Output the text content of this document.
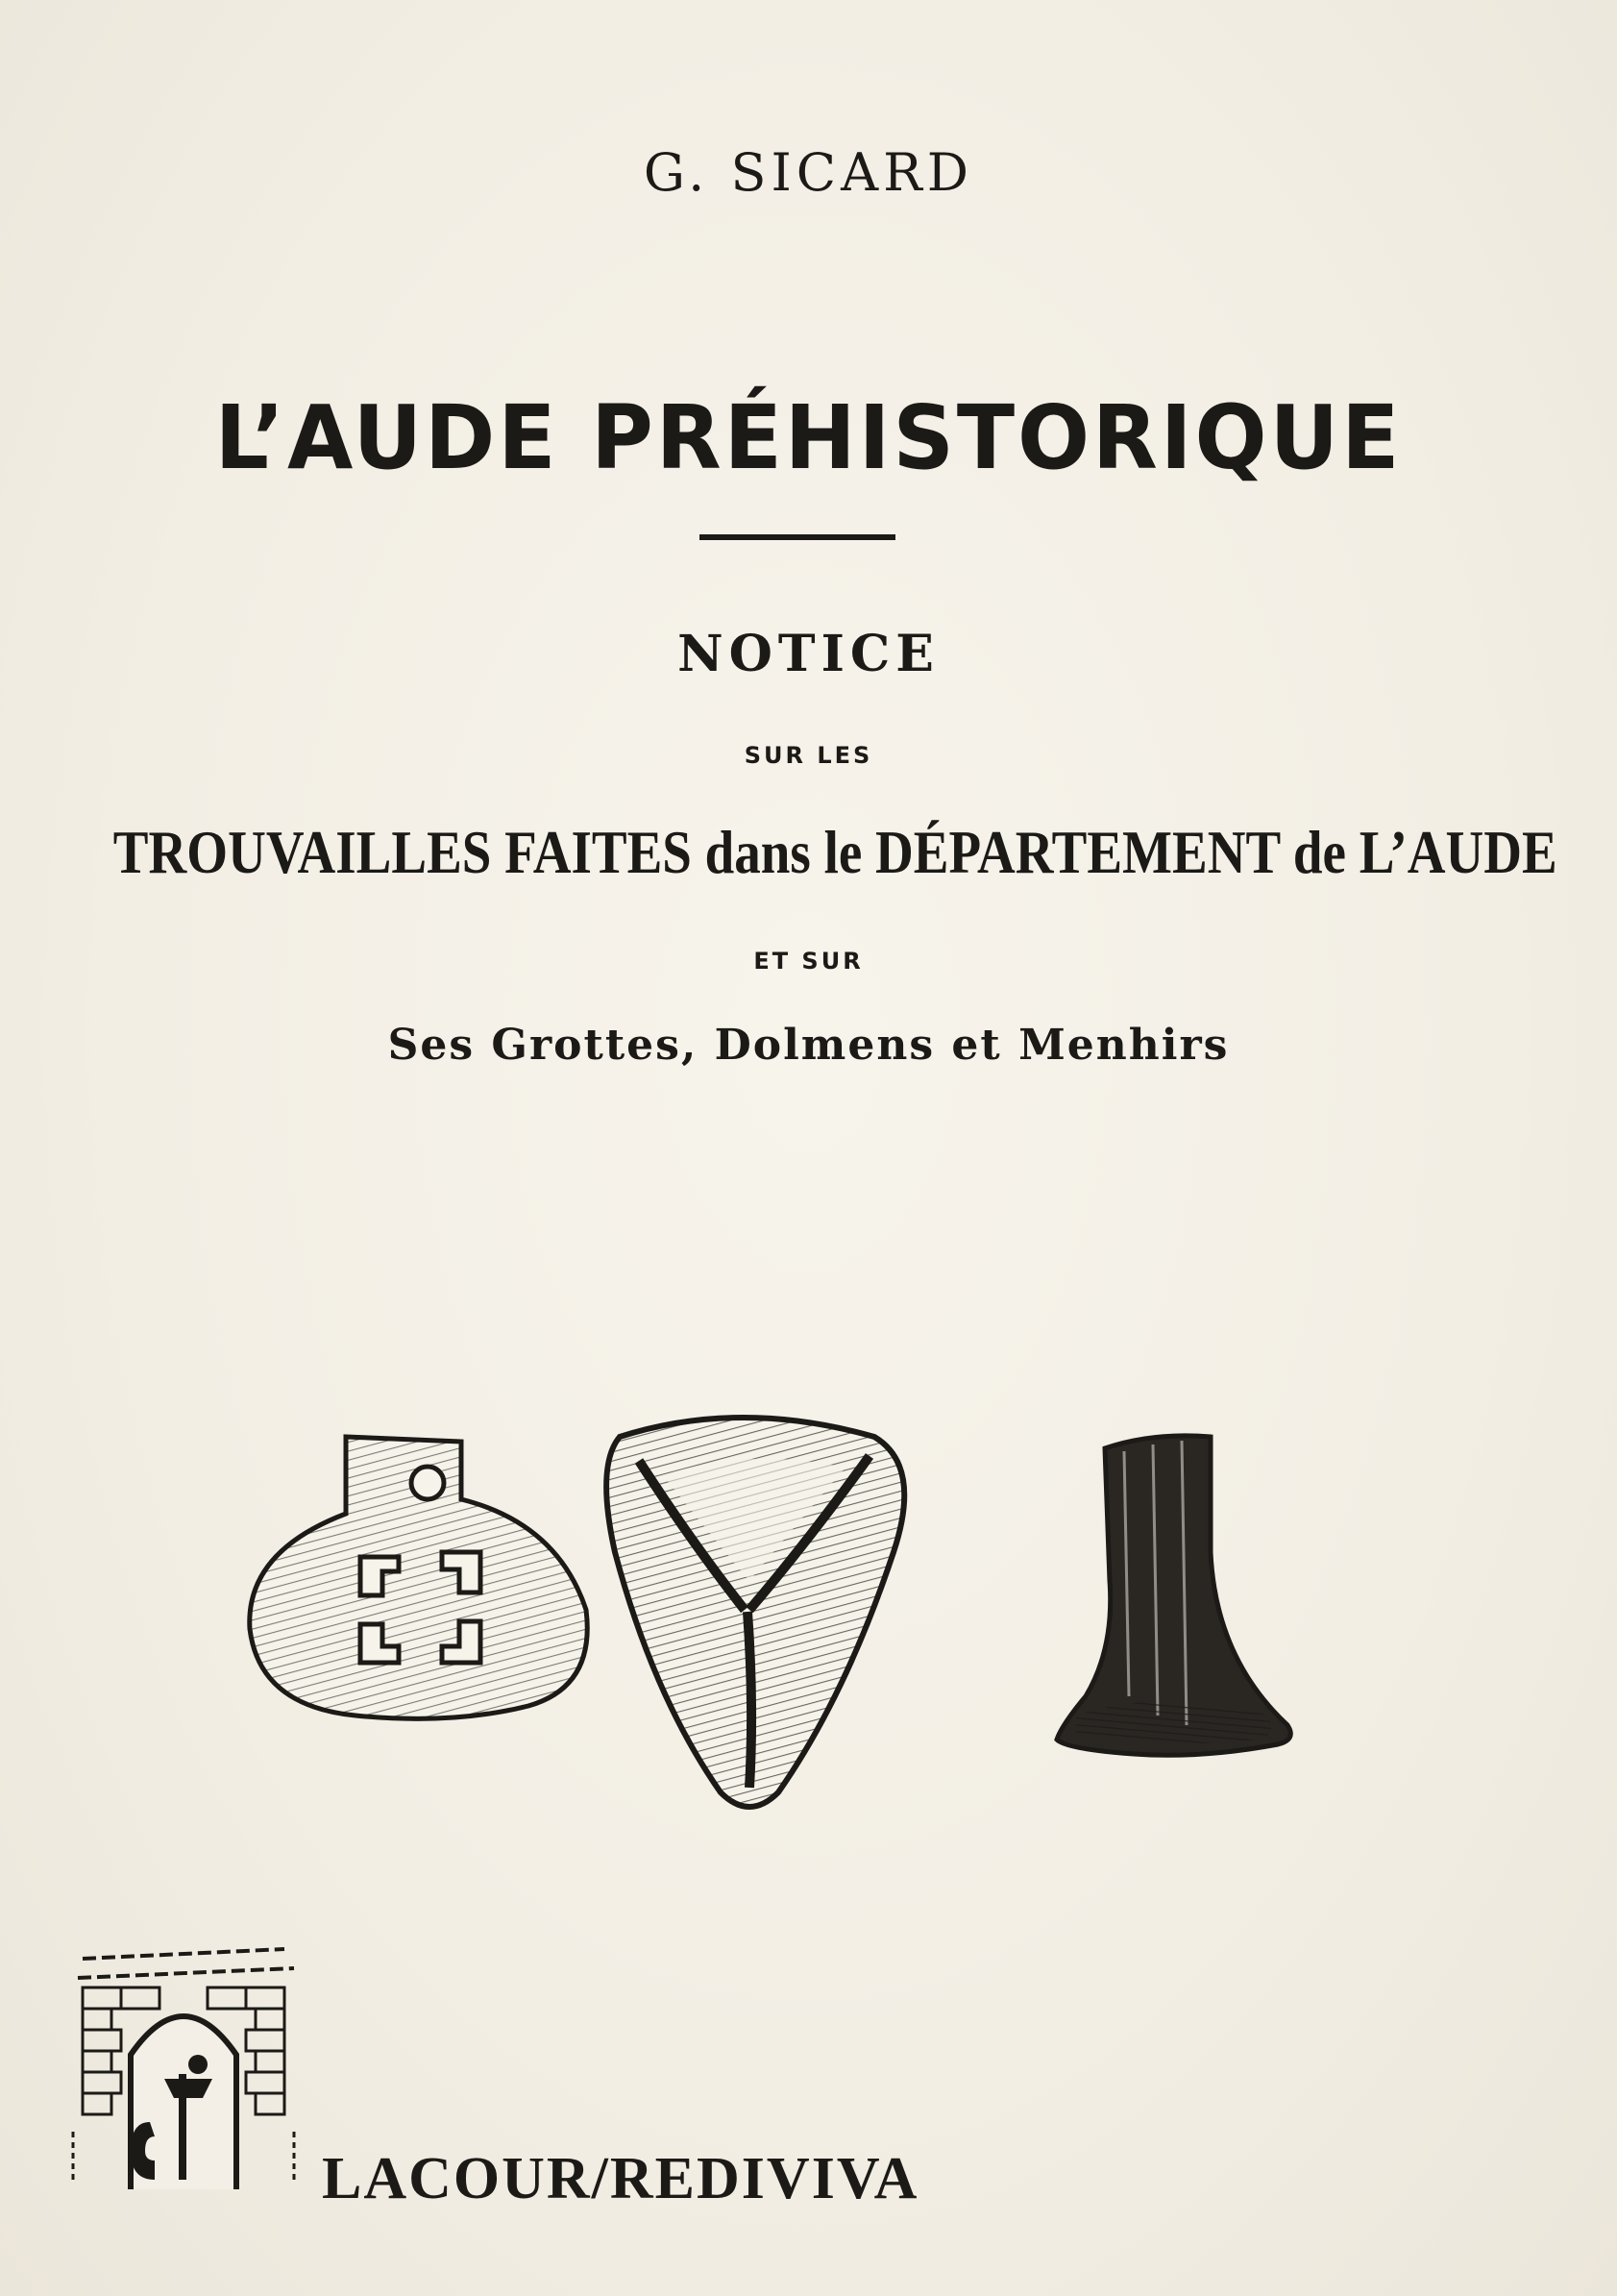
G. SICARD
L’AUDE PRÉHISTORIQUE
NOTICE
SUR LES
TROUVAILLES FAITES dans le DÉPARTEMENT de L’AUDE
ET SUR
Ses Grottes, Dolmens et Menhirs
LACOUR/REDIVIVA
